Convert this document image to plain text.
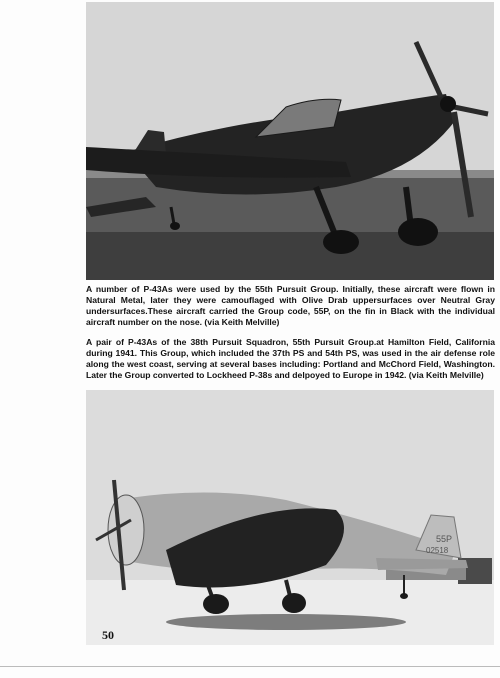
A number of P-43As were used by the 55th Pursuit Group. Initially, these aircraft were flown in Natural Metal, later they were camouflaged with Olive Drab uppersurfaces over Neutral Gray undersurfaces.These aircraft carried the Group code, 55P, on the fin in Black with the individual aircraft number on the nose. (via Keith Melville)

A pair of P-43As of the 38th Pursuit Squadron, 55th Pursuit Group.at Hamilton Field, California during 1941. This Group, which included the 37th PS and 54th PS, was used in the air defense role along the west coast, serving at several bases including: Portland and McChord Field, Washington. Later the Group converted to Lockheed P-38s and delpoyed to Europe in 1942. (via Keith Melville)

55P
02518
50
